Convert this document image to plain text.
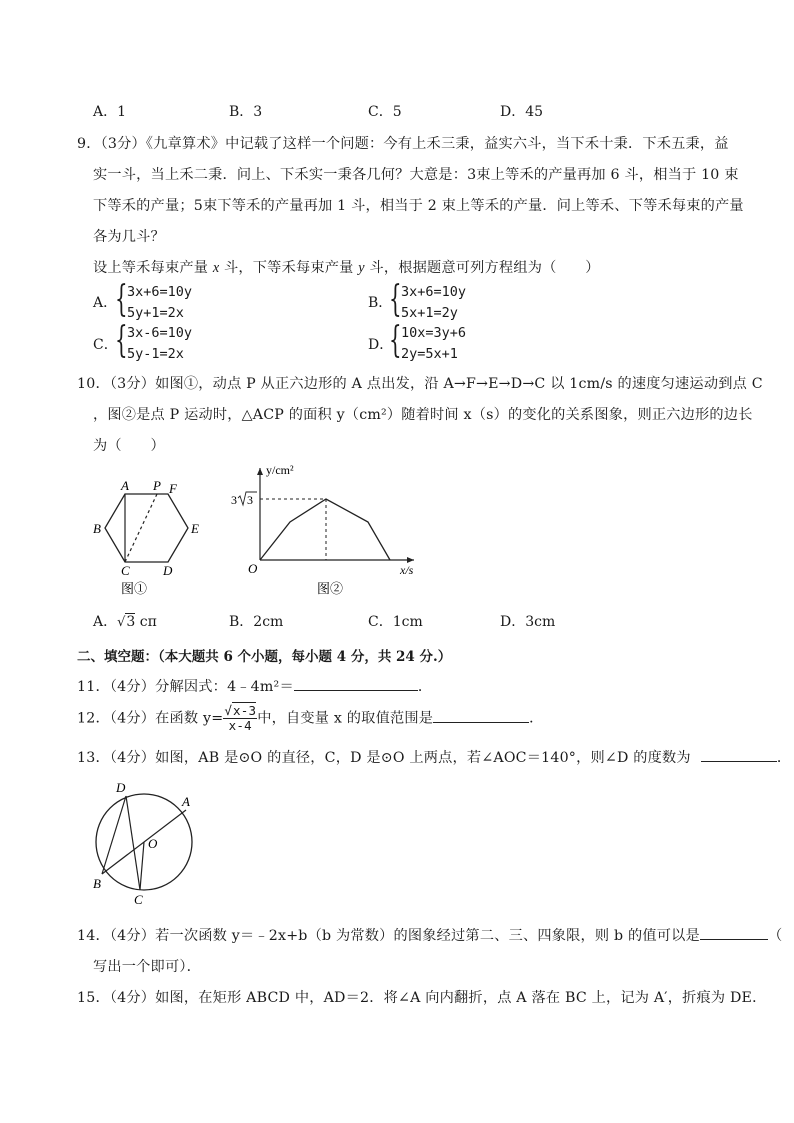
A．1	B．3	C．5	D．45
9．（3分）《九章算术》中记载了这样一个问题：今有上禾三秉，益实六斗，当下禾十秉．下禾五秉，益
实一斗，当上禾二秉．问上、下禾实一秉各几何？大意是：3束上等禾的产量再加 6 斗，相当于 10 束
下等禾的产量；5束下等禾的产量再加 1 斗，相当于 2 束上等禾的产量．问上等禾、下等禾每束的产量
各为几斗？
设上等禾每束产量 x 斗，下等禾每束产量 y 斗，根据题意可列方程组为（　　）
A．
{ 3x+6=10y
5y+1=2x
B．
{ 3x+6=10y
5x+1=2y
C．
{ 3x-6=10y
5y-1=2x
D．
{ 10x=3y+6
2y=5x+1
10．（3分）如图①，动点 P 从正六边形的 A 点出发，沿 A→F→E→D→C 以 1cm/s 的速度匀速运动到点 C
，图②是点 P 运动时，△ACP 的面积 y（cm²）随着时间 x（s）的变化的关系图象，则正六边形的边长
为（　　）
A P F
B	E
C	D
图①
y/cm²
3 3
O	x/s
图②
A．√3 cπ	B．2cm	C．1cm	D．3cm
二、填空题：（本大题共 6 个小题，每小题 4 分，共 24 分.）
11．（4分）分解因式：4﹣4m²＝	．
12．（4分）在函数 $y= \frac{√x-3}{x-4}$ 中，自变量 x 的取值范围是	．
13．（4分）如图，AB 是⊙O 的直径，C，D 是⊙O 上两点，若∠AOC＝140°，则∠D 的度数为	．
D
A
O
B
C
14．（4分）若一次函数 y＝﹣2x+b（b 为常数）的图象经过第二、三、四象限，则 b 的值可以是	（
写出一个即可）．
15．（4分）如图，在矩形 ABCD 中，AD＝2．将∠A 向内翻折，点 A 落在 BC 上，记为 A′，折痕为 DE．
